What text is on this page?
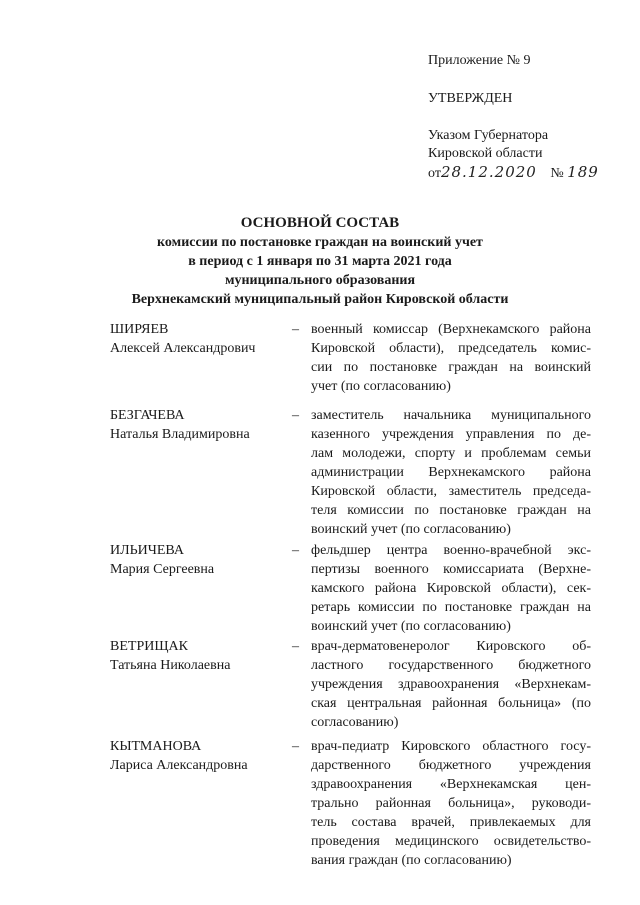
Приложение № 9
УТВЕРЖДЕН
Указом Губернатора
Кировской области
от28.12.2020 № 189
ОСНОВНОЙ СОСТАВ
комиссии по постановке граждан на воинский учет
в период с 1 января по 31 марта 2021 года
муниципального образования
Верхнекамский муниципальный район Кировской области
ШИРЯЕВ
Алексей Александрович
– военный комиссар (Верхнекамского района
Кировской области), председатель комис-
сии по постановке граждан на воинский
учет (по согласованию)
БЕЗГАЧЕВА
Наталья Владимировна
– заместитель начальника муниципального
казенного учреждения управления по де-
лам молодежи, спорту и проблемам семьи
администрации Верхнекамского района
Кировской области, заместитель председа-
теля комиссии по постановке граждан на
воинский учет (по согласованию)
ИЛЬИЧЕВА
Мария Сергеевна
– фельдшер центра военно-врачебной экс-
пертизы военного комиссариата (Верхне-
камского района Кировской области), сек-
ретарь комиссии по постановке граждан на
воинский учет (по согласованию)
ВЕТРИЩАК
Татьяна Николаевна
– врач-дерматовенеролог Кировского об-
ластного государственного бюджетного
учреждения здравоохранения «Верхнекам-
ская центральная районная больница» (по
согласованию)
КЫТМАНОВА
Лариса Александровна
– врач-педиатр Кировского областного госу-
дарственного бюджетного учреждения
здравоохранения «Верхнекамская цен-
трально районная больница», руководи-
тель состава врачей, привлекаемых для
проведения медицинского освидетельство-
вания граждан (по согласованию)
